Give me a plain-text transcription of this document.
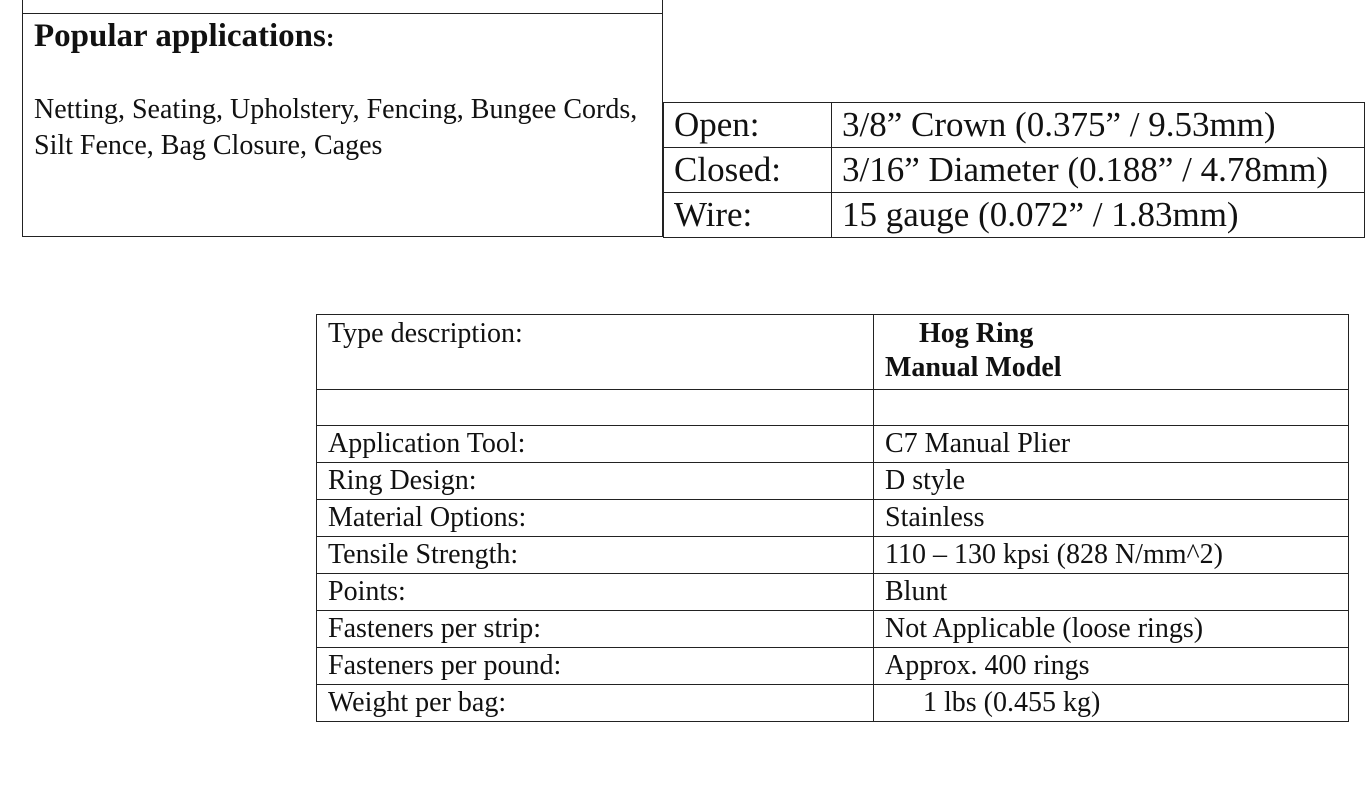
Popular applications:
Netting, Seating, Upholstery, Fencing, Bungee Cords, Silt Fence, Bag Closure, Cages
Open:	3/8” Crown (0.375” / 9.53mm)
Closed:	3/16” Diameter (0.188” / 4.78mm)
Wire:	15 gauge (0.072” / 1.83mm)
Type description:	Hog Ring
Manual Model

Application Tool:	C7 Manual Plier
Ring Design:	D style
Material Options:	Stainless
Tensile Strength:	110 – 130 kpsi (828 N/mm^2)
Points:	Blunt
Fasteners per strip:	Not Applicable (loose rings)
Fasteners per pound:	Approx. 400 rings
Weight per bag:	1 lbs (0.455 kg)
